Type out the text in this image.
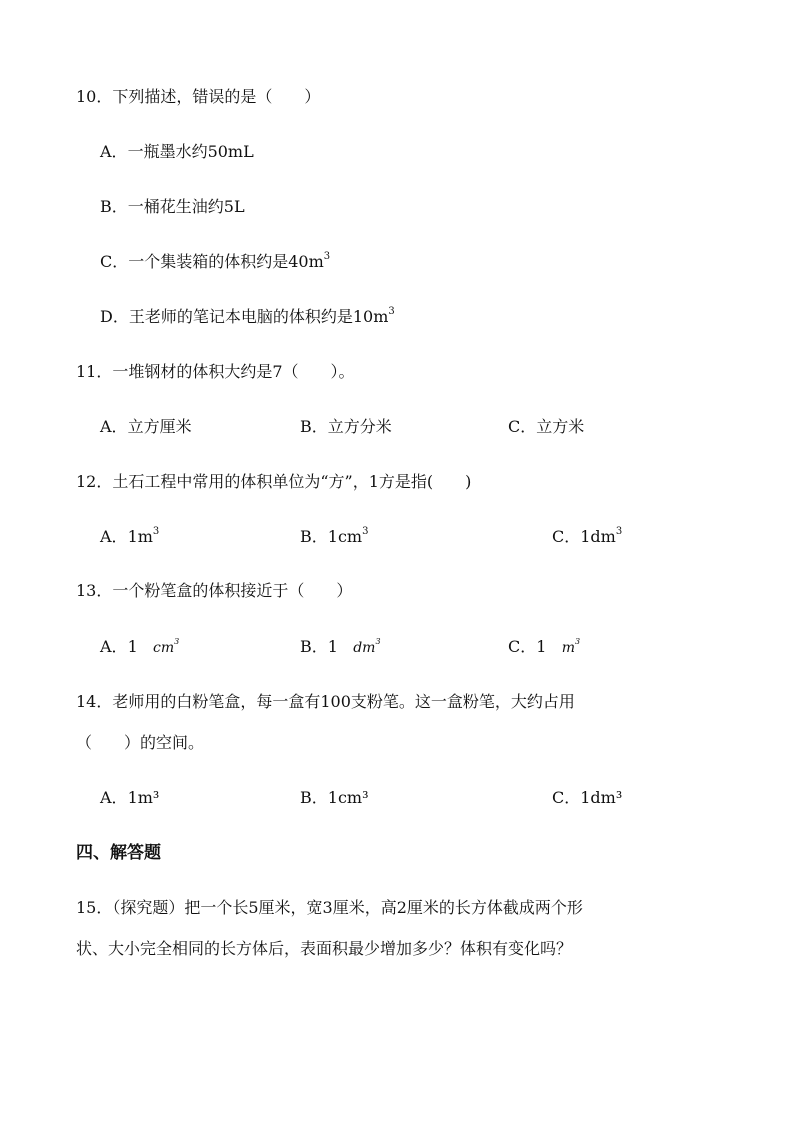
10．下列描述，错误的是（　　）
A．一瓶墨水约50mL
B．一桶花生油约5L
C．一个集装箱的体积约是$40m^3$
D．王老师的笔记本电脑的体积约是$10m^3$
11．一堆钢材的体积大约是7（　　）。
A．立方厘米	B．立方分米	C．立方米
12．土石工程中常用的体积单位为“方”，1方是指(　　)
A．$1m^3$	B．$1cm^3$	C．$1dm^3$
13．一个粉笔盒的体积接近于（　　）
A．1 $cm^3$	B．1 $dm^3$	C．1 $m^3$
14．老师用的白粉笔盒，每一盒有100支粉笔。这一盒粉笔，大约占用
（　　）的空间。
A．1m³	B．1cm³	C．1dm³
四、解答题
15．（探究题）把一个长5厘米，宽3厘米，高2厘米的长方体截成两个形
状、大小完全相同的长方体后，表面积最少增加多少？体积有变化吗？
